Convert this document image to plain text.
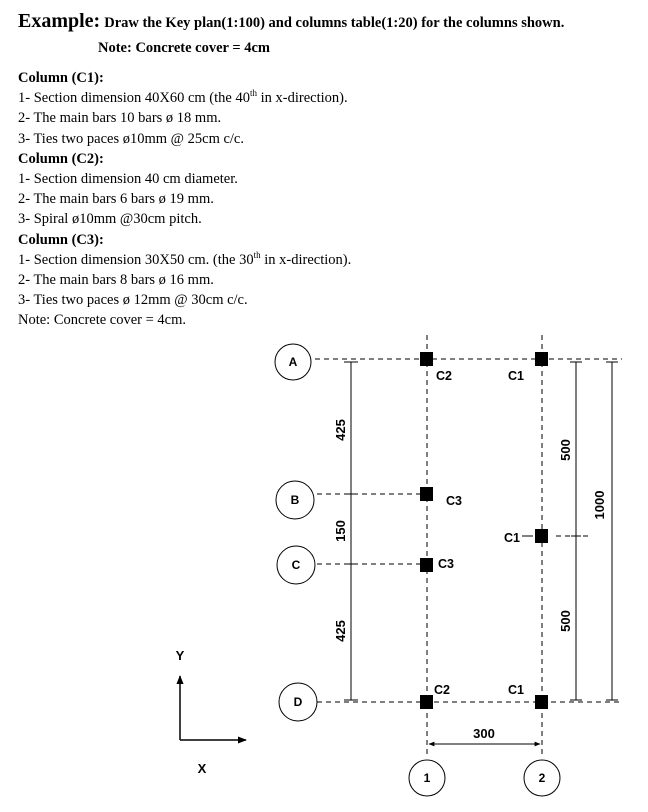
Example: Draw the Key plan(1:100) and columns table(1:20) for the columns shown.
Note: Concrete cover = 4cm
Column (C1):
1- Section dimension 40X60 cm (the 40th in x-direction).
2- The main bars 10 bars ø 18 mm.
3- Ties two paces ø10mm @ 25cm c/c.
Column (C2):
1- Section dimension 40 cm diameter.
2- The main bars 6 bars ø 19 mm.
3- Spiral ø10mm @30cm pitch.
Column (C3):
1- Section dimension 30X50 cm. (the 30th in x-direction).
2- The main bars 8 bars ø 16 mm.
3- Ties two paces ø 12mm @ 30cm c/c.
Note: Concrete cover = 4cm.
A
B
C
D
1	2
C2	C1
C3
C1
C3
C2	C1
425
150
425
500
500
1000
300
Y
X
